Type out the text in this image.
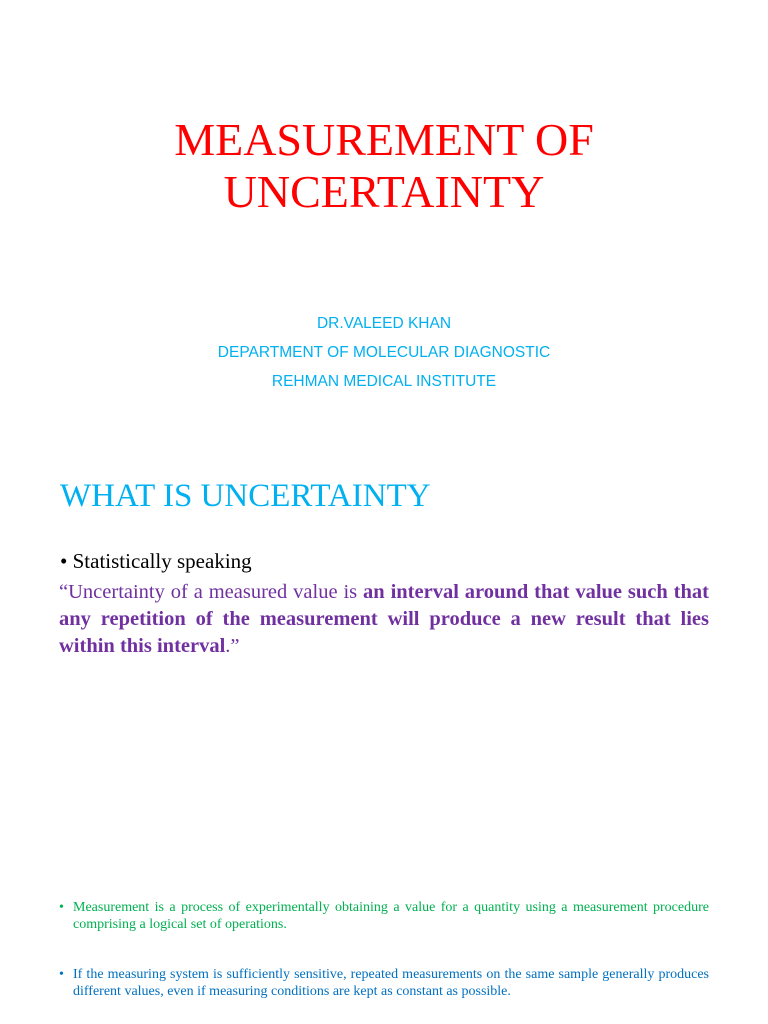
MEASUREMENT OF
UNCERTAINTY
DR.VALEED KHAN
DEPARTMENT OF MOLECULAR DIAGNOSTIC
REHMAN MEDICAL INSTITUTE
WHAT IS UNCERTAINTY
• Statistically speaking
“Uncertainty of a measured value is an interval around that value such that any repetition of the measurement will produce a new result that lies within this interval.”
• Measurement is a process of experimentally obtaining a value for a quantity using a measurement procedure comprising a logical set of operations.
• If the measuring system is sufficiently sensitive, repeated measurements on the same sample generally produces different values, even if measuring conditions are kept as constant as possible.
